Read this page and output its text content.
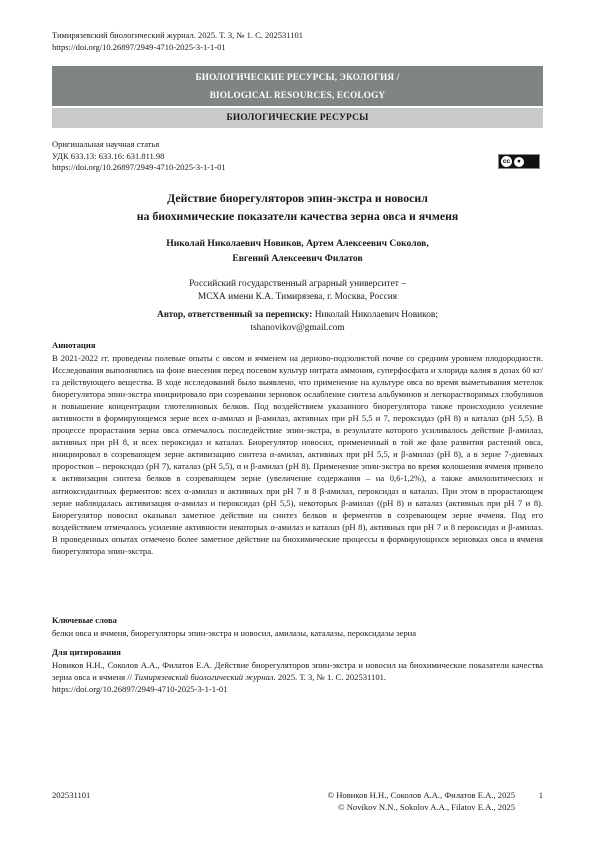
Тимирязевский биологический журнал. 2025. Т. 3, № 1. С. 202531101
https://doi.org/10.26897/2949-4710-2025-3-1-1-01
БИОЛОГИЧЕСКИЕ РЕСУРСЫ, ЭКОЛОГИЯ /
BIOLOGICAL RESOURCES, ECOLOGY
БИОЛОГИЧЕСКИЕ РЕСУРСЫ
Оригинальная научная статья
УДК 633.13: 633.16: 631.811.98
https://doi.org/10.26897/2949-4710-2025-3-1-1-01
cc	●
Действие биорегуляторов эпин-экстра и новосил
на биохимические показатели качества зерна овса и ячменя
Николай Николаевич Новиков, Артем Алексеевич Соколов,
Евгений Алексеевич Филатов
Российский государственный аграрный университет –
МСХА имени К.А. Тимирязева, г. Москва, Россия
Автор, ответственный за переписку: Николай Николаевич Новиков;
tshanovikov@gmail.com
Аннотация

В 2021-2022 гг. проведены полевые опыты с овсом и ячменем на дерново-подзолистой почве со средним уровнем плодородности. Исследования выполнялись на фоне внесения перед посевом культур нитрата аммония, суперфосфата и хлорида калия в дозах 60 кг/га действующего вещества. В ходе исследований было выявлено, что применение на культуре овса во время выметывания метелок биорегулятора эпин-экстра инициировало при созревании зерновок ослабление синтеза альбуминов и легкорастворимых глобулинов и повышение концентрации глютелиновых белков. Под воздействием указанного биорегулятора также происходило усиление активности в формирующемся зерне всех α-амилаз и β-амилаз, активных при рН 5,5 и 7, пероксидаз (рН 8) и каталаз (рН 5,5). В процессе прорастания зерна овса отмечалось последействие эпин-экстра, в результате которого усиливалось действие β-амилаз, активных при рН 8, и всех пероксидаз и каталаз. Биорегулятор новосил, примененный в той же фазе развития растений овса, инициировал в созревающем зерне активизацию синтеза α-амилаз, активных при рН 5,5, и β-амилаз (рН 8), а в зерне 7-дневных проростков – пероксидаз (рН 7), каталаз (рН 5,5), α и β-амилаз (рН 8). Применение эпин-экстра во время колошения ячменя привело к активизации синтеза белков в созревающем зерне (увеличение содержания – на 0,6-1,2%), а также амилолитических и антиоксидантных ферментов: всех α-амилаз и активных при рН 7 и 8 β-амилаз, пероксидаз и каталаз. При этом в прорастающем зерне наблюдалась активизация α-амилаз и пероксидаз (рН 5,5), некоторых β-амилаз ((рН 8) и каталаз (активных при рН 7 и 8). Биорегулятор новосил оказывал заметное действие на синтез белков и ферментов в созревающем зерне ячменя. Под его воздействием отмечалось усиление активности некоторых α-амилаз и каталаз (рН 8), активных при рН 7 и 8 пероксидаз и β-амилаз. В проведенных опытах отмечено более заметное действие на биохимические процессы в формирующихся зерновках овса и ячменя биорегулятора эпин-экстра.

Ключевые слова
белки овса и ячменя, биорегуляторы эпин-экстра и новосил, амилазы, каталазы, пероксидазы зерна
Для цитирования
Новиков Н.Н., Соколов А.А., Филатов Е.А. Действие биорегуляторов эпин-экстра и новосил на биохимические показатели качества зерна овса и ячменя // Тимирязевский биологический журнал. 2025. Т. 3, № 1. С. 202531101.
https://doi.org/10.26897/2949-4710-2025-3-1-1-01
202531101	© Новиков Н.Н., Соколов А.А., Филатов Е.А., 2025
© Novikov N.N., Sokolov A.A., Filatov E.A., 2025
1
